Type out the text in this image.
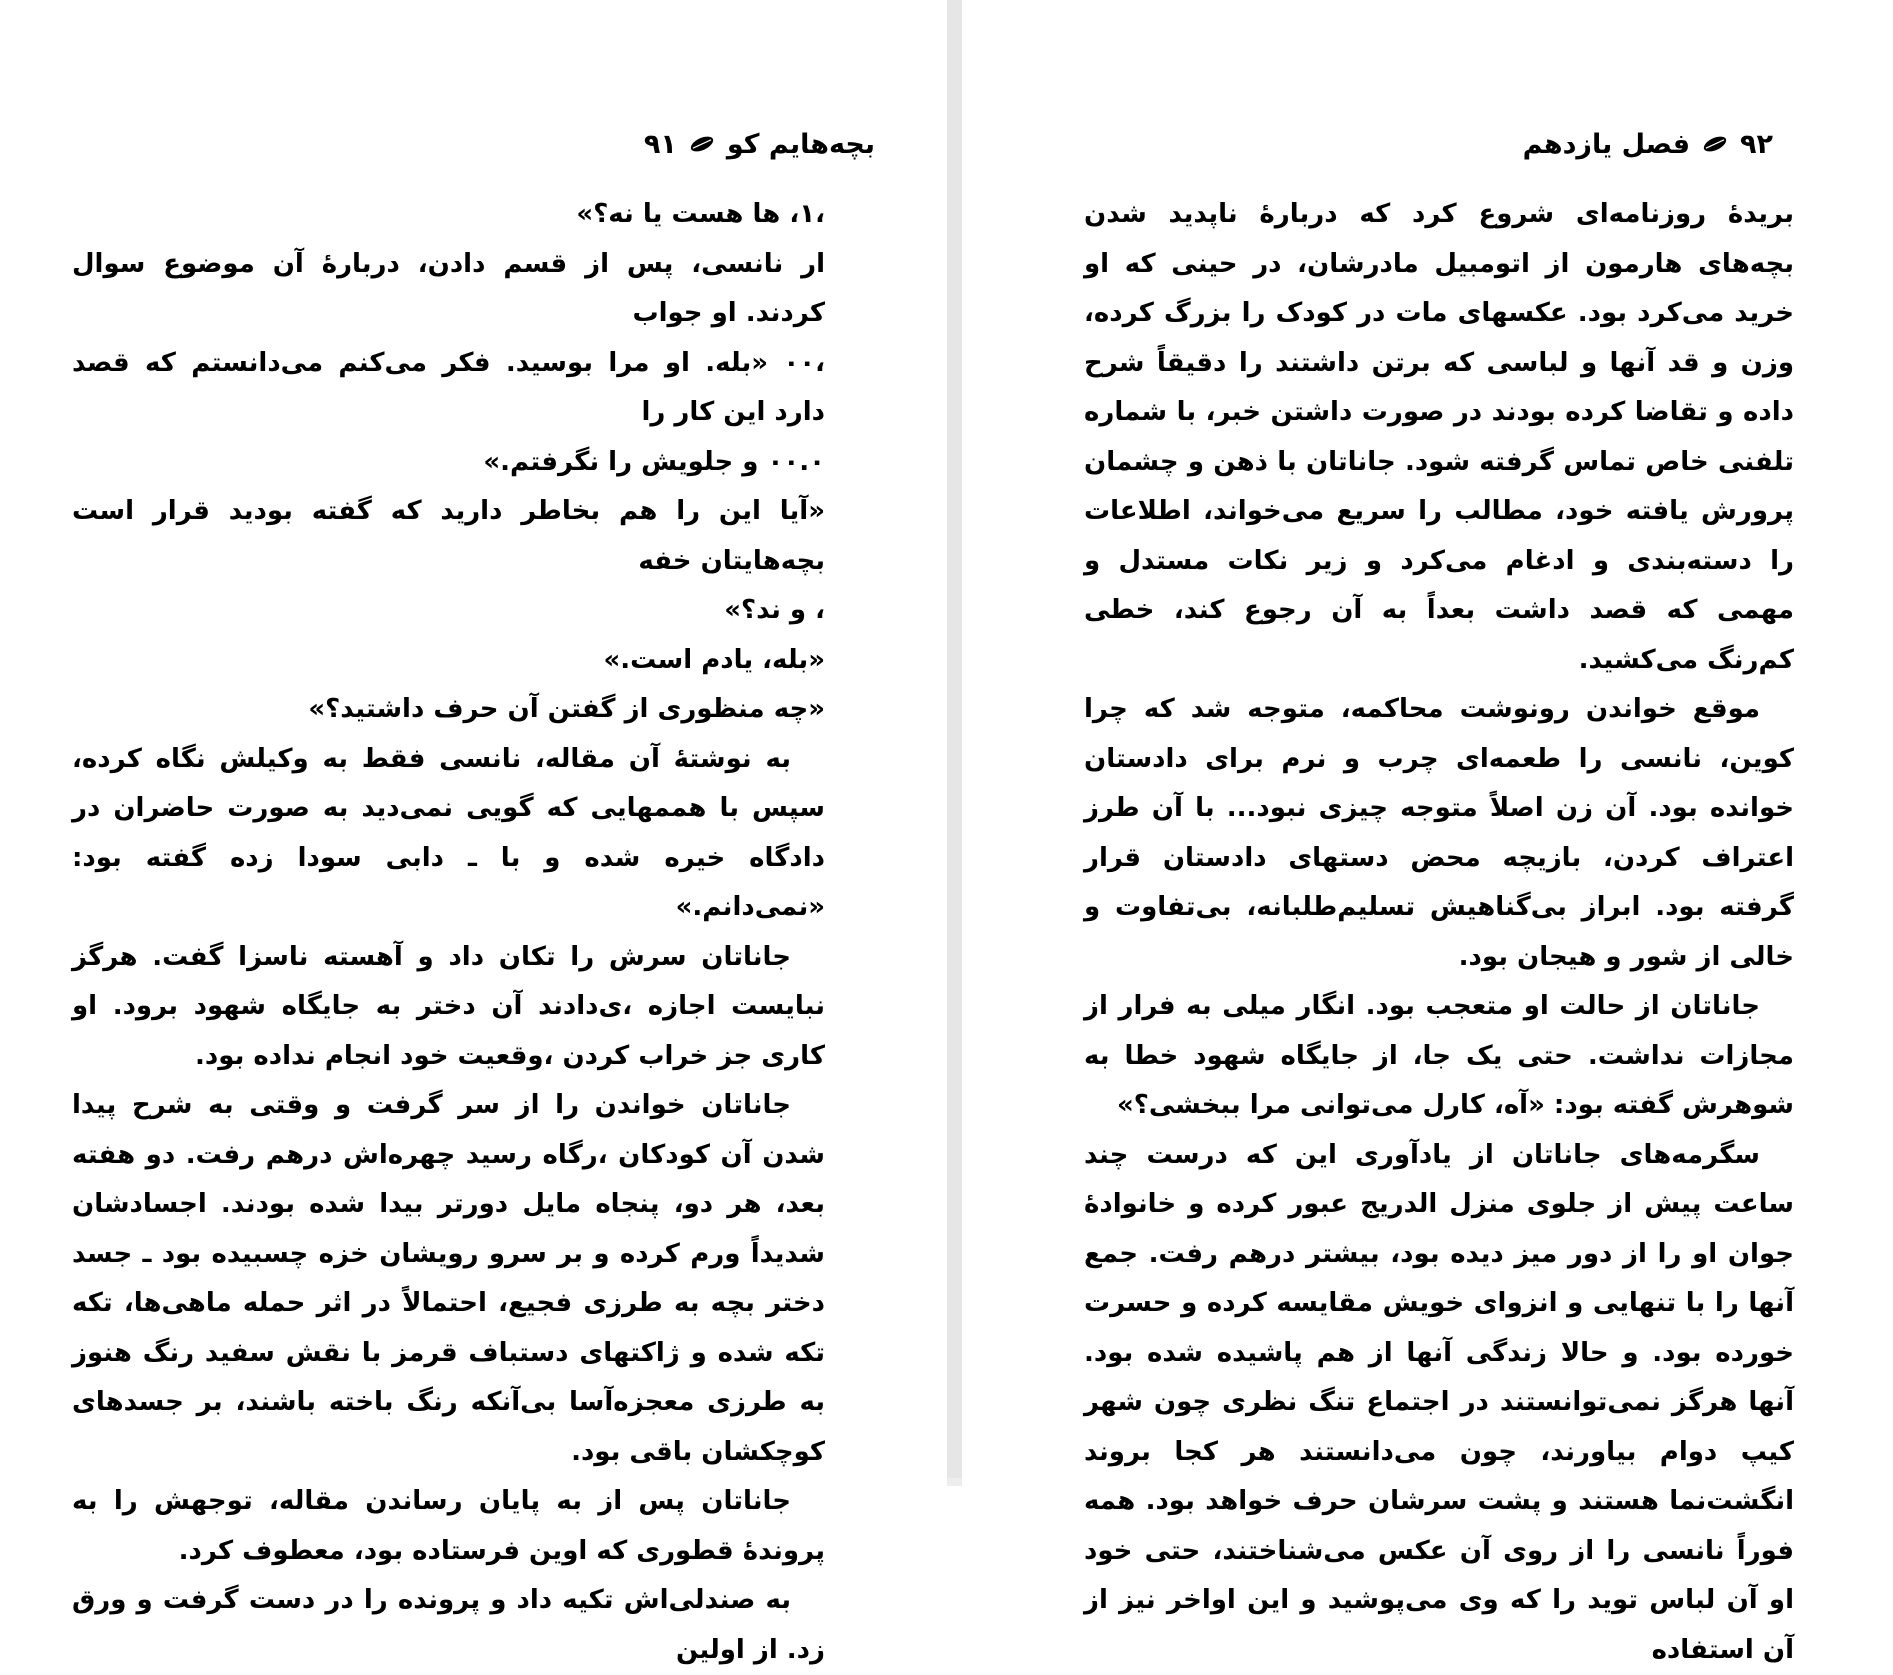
بچه‌هایم کو
۹۱

،۱، ها هست یا نه؟»

ار نانسی، پس از قسم دادن، دربارهٔ آن موضوع سوال کردند. او جواب

،۰۰ «بله. او مرا بوسید. فکر می‌کنم می‌دانستم که قصد دارد این کار را

۰۰.۰ و جلویش را نگرفتم.»

«آیا این را هم بخاطر دارید که گفته بودید قرار است بچه‌هایتان خفه

، و ند؟»

«بله، یادم است.»

«چه منظوری از گفتن آن حرف داشتید؟»

به نوشتهٔ آن مقاله، نانسی فقط به وکیلش نگاه کرده، سپس با هممهایی که گویی نمی‌دید به صورت حاضران در دادگاه خیره شده و با ـ دابی سودا زده گفته بود: «نمی‌دانم.»

جاناتان سرش را تکان داد و آهسته ناسزا گفت. هرگز نبایست اجازه ،ی‌دادند آن دختر به جایگاه شهود برود. او کاری جز خراب کردن ،وقعیت خود انجام نداده بود.

جاناتان خواندن را از سر گرفت و وقتی به شرح پیدا شدن آن کودکان ،ر‌گاه رسید چهره‌اش درهم رفت. دو هفته بعد، هر دو، پنجاه مایل دورتر بیدا شده بودند. اجسادشان شدیداً ورم کرده و بر سرو رویشان خزه چسبیده بود ـ جسد دختر بچه به طرزی فجیع، احتمالاً در اثر حمله ماهی‌ها، تکه تکه شده و ژاکتهای دستباف قرمز با نقش سفید رنگ هنوز به طرزی معجزه‌آسا بی‌آنکه رنگ باخته باشند، بر جسدهای کوچکشان باقی بود.

جاناتان پس از به پایان رساندن مقاله، توجهش را به پروندهٔ قطوری که اوین فرستاده بود، معطوف کرد.

به صندلی‌اش تکیه داد و پرونده را در دست گرفت و ورق زد. از اولین

۹۲
فصل یازدهم

بریدهٔ روزنامه‌ای شروع کرد که دربارهٔ ناپدید شدن بچه‌های هارمون از اتومبیل مادرشان، در حینی که او خرید می‌کرد بود. عکسهای مات در کودک را بزرگ کرده، وزن و قد آنها و لباسی که برتن داشتند را دقیقاً شرح داده و تقاضا کرده بودند در صورت داشتن خبر، با شماره تلفنی خاص تماس گرفته شود. جاناتان با ذهن و چشمان پرورش یافته خود، مطالب را سریع می‌خواند، اطلاعات را دسته‌بندی و ادغام می‌کرد و زیر نکات مستدل و مهمی که قصد داشت بعداً به آن رجوع کند، خطی کم‌رنگ می‌کشید.

موقع خواندن رونوشت محاکمه، متوجه شد که چرا کوین، نانسی را طعمه‌ای چرب و نرم برای دادستان خوانده بود. آن زن اصلاً متوجه چیزی نبود... با آن طرز اعتراف کردن، بازیچه محض دستهای دادستان قرار گرفته بود. ابراز بی‌گناهیش تسلیم‌طلبانه، بی‌تفاوت و خالی از شور و هیجان بود.

جاناتان از حالت او متعجب بود. انگار میلی به فرار از مجازات نداشت. حتی یک جا، از جایگاه شهود خطا به شوهرش گفته بود: «آه، کارل می‌توانی مرا ببخشی؟»

سگرمه‌های جاناتان از یادآوری این که درست چند ساعت پیش از جلوی منزل الدریج عبور کرده و خانوادهٔ جوان او را از دور میز دیده بود، بیشتر درهم رفت. جمع آنها را با تنهایی و انزوای خویش مقایسه کرده و حسرت خورده بود. و حالا زندگی آنها از هم پاشیده شده بود. آنها هرگز نمی‌توانستند در اجتماع تنگ نظری چون شهر کیپ دوام بیاورند، چون می‌دانستند هر کجا بروند انگشت‌نما هستند و پشت سرشان حرف خواهد بود. همه فوراً نانسی را از روی آن عکس می‌شناختند، حتی خود او آن لباس توید را که وی می‌پوشید و این اواخر نیز از آن استفاده
